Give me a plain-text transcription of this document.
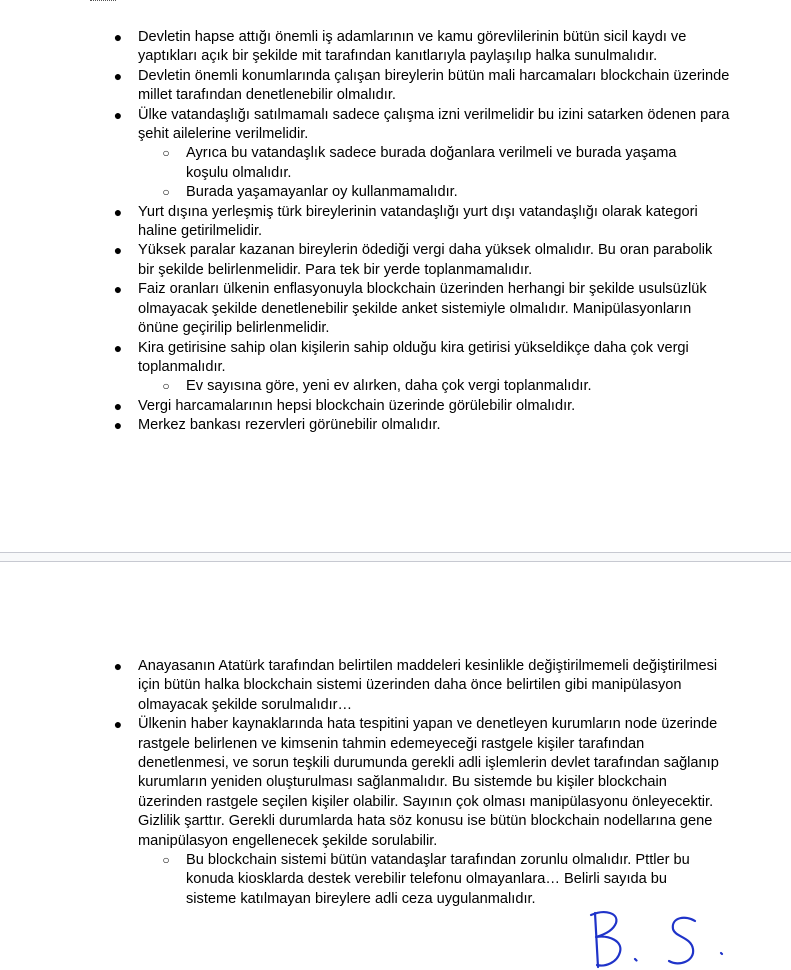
● Devletin hapse attığı önemli iş adamlarının ve kamu görevlilerinin bütün sicil kaydı ve yaptıkları açık bir şekilde mit tarafından kanıtlarıyla paylaşılıp halka sunulmalıdır.
● Devletin önemli konumlarında çalışan bireylerin bütün mali harcamaları blockchain üzerinde millet tarafından denetlenebilir olmalıdır.
● Ülke vatandaşlığı satılmamalı sadece çalışma izni verilmelidir bu izini satarken ödenen para şehit ailelerine verilmelidir.
○ Ayrıca bu vatandaşlık sadece burada doğanlara verilmeli ve burada yaşama koşulu olmalıdır.
○ Burada yaşamayanlar oy kullanmamalıdır.
● Yurt dışına yerleşmiş türk bireylerinin vatandaşlığı yurt dışı vatandaşlığı olarak kategori haline getirilmelidir.
● Yüksek paralar kazanan bireylerin ödediği vergi daha yüksek olmalıdır. Bu oran parabolik bir şekilde belirlenmelidir. Para tek bir yerde toplanmamalıdır.
● Faiz oranları ülkenin enflasyonuyla blockchain üzerinden herhangi bir şekilde usulsüzlük olmayacak şekilde denetlenebilir şekilde anket sistemiyle olmalıdır. Manipülasyonların önüne geçirilip belirlenmelidir.
● Kira getirisine sahip olan kişilerin sahip olduğu kira getirisi yükseldikçe daha çok vergi toplanmalıdır.
○ Ev sayısına göre, yeni ev alırken, daha çok vergi toplanmalıdır.
● Vergi harcamalarının hepsi blockchain üzerinde görülebilir olmalıdır.
● Merkez bankası rezervleri görünebilir olmalıdır.
● Anayasanın Atatürk tarafından belirtilen maddeleri kesinlikle değiştirilmemeli değiştirilmesi için bütün halka blockchain sistemi üzerinden daha önce belirtilen gibi manipülasyon olmayacak şekilde sorulmalıdır…
● Ülkenin haber kaynaklarında hata tespitini yapan ve denetleyen kurumların node üzerinde rastgele belirlenen ve kimsenin tahmin edemeyeceği rastgele kişiler tarafından denetlenmesi, ve sorun teşkili durumunda gerekli adli işlemlerin devlet tarafından sağlanıp kurumların yeniden oluşturulması sağlanmalıdır. Bu sistemde bu kişiler blockchain üzerinden rastgele seçilen kişiler olabilir. Sayının çok olması manipülasyonu önleyecektir. Gizlilik şarttır. Gerekli durumlarda hata söz konusu ise bütün blockchain nodellarına gene manipülasyon engellenecek şekilde sorulabilir.
○ Bu blockchain sistemi bütün vatandaşlar tarafından zorunlu olmalıdır. Pttler bu konuda kiosklarda destek verebilir telefonu olmayanlara… Belirli sayıda bu sisteme katılmayan bireylere adli ceza uygulanmalıdır.
